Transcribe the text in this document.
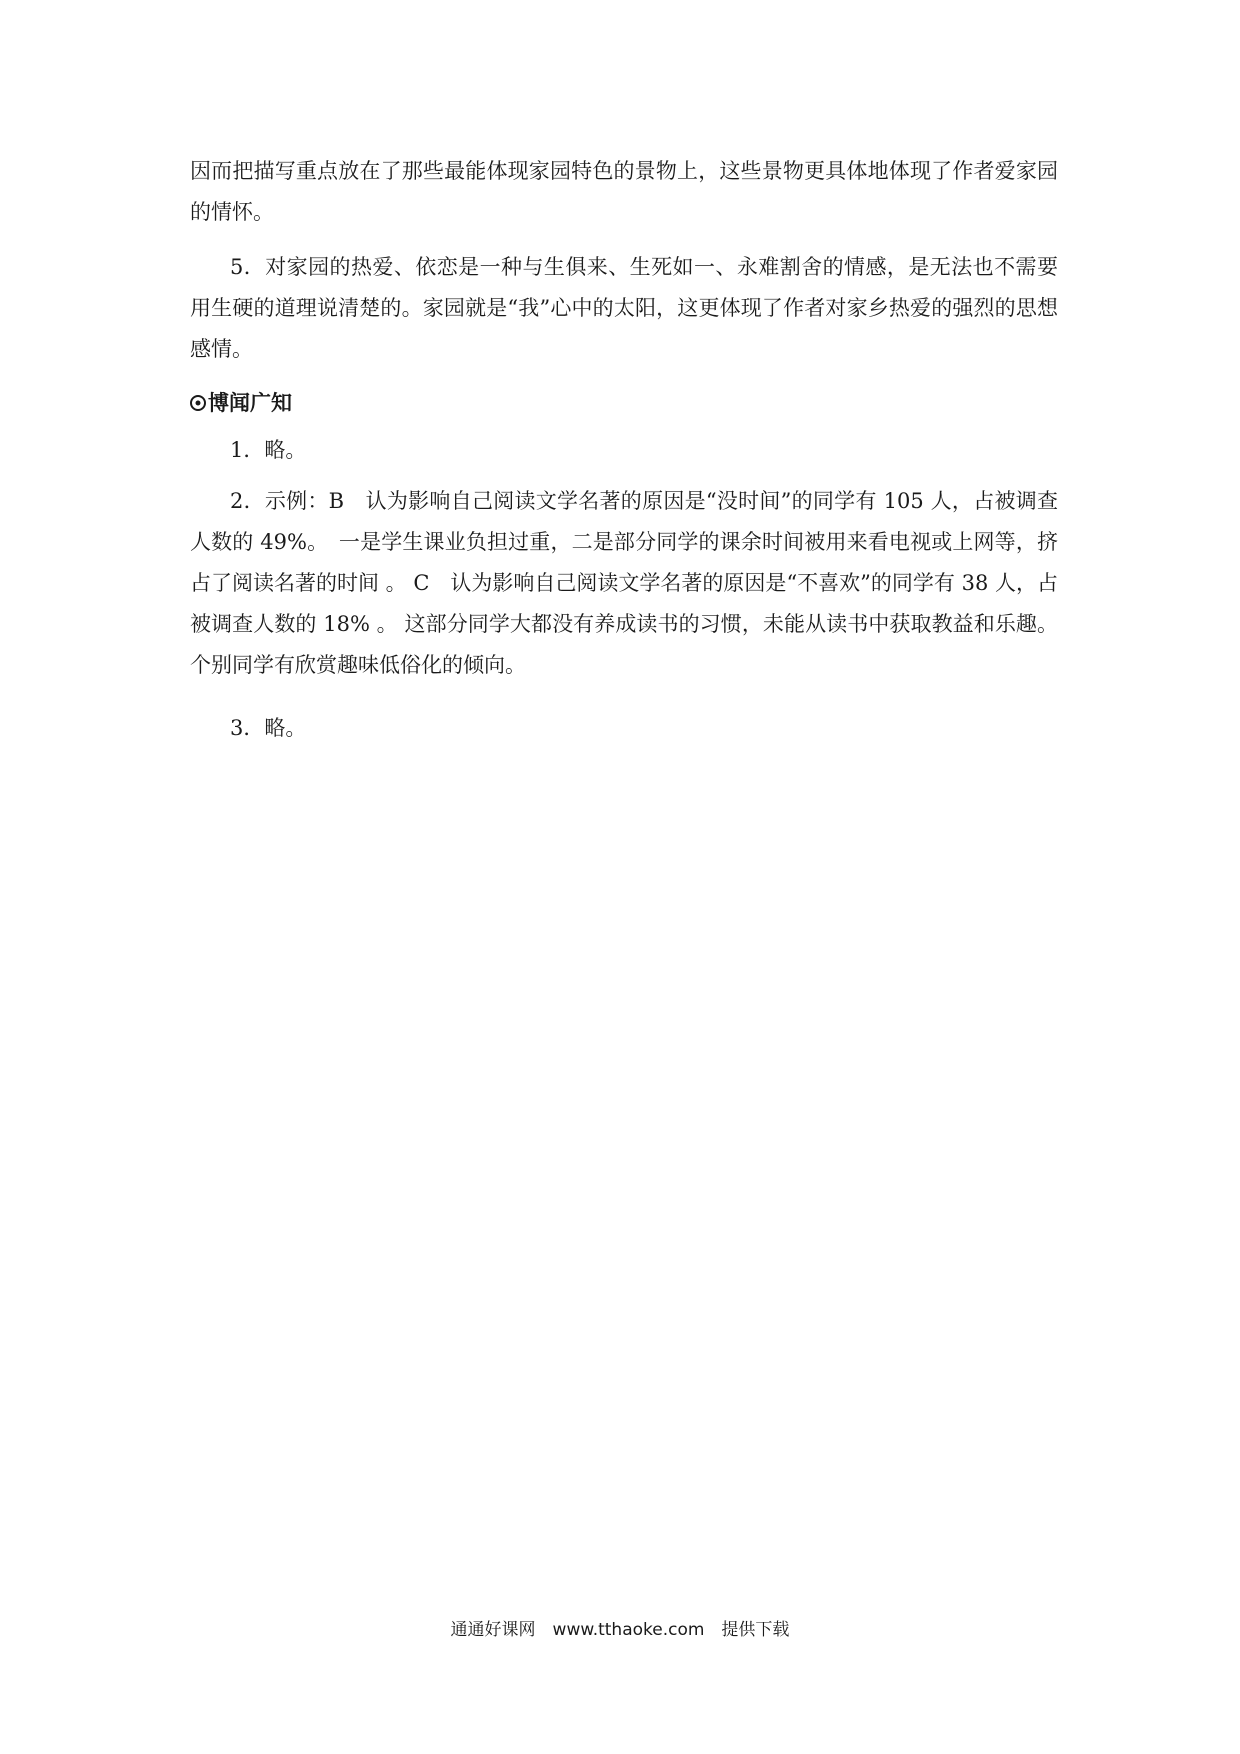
因而把描写重点放在了那些最能体现家园特色的景物上，这些景物更具体地体现了作者爱家园的情怀。

5．对家园的热爱、依恋是一种与生俱来、生死如一、永难割舍的情感，是无法也不需要用生硬的道理说清楚的。家园就是“我”心中的太阳，这更体现了作者对家乡热爱的强烈的思想感情。

博闻广知

1．略。

2．示例：B　认为影响自己阅读文学名著的原因是“没时间”的同学有 105 人，占被调查人数的 49%。　一是学生课业负担过重，二是部分同学的课余时间被用来看电视或上网等，挤占了阅读名著的时间 。 C　认为影响自己阅读文学名著的原因是“不喜欢”的同学有 38 人，占被调查人数的 18% 。 这部分同学大都没有养成读书的习惯，未能从读书中获取教益和乐趣。个别同学有欣赏趣味低俗化的倾向。

3．略。

通通好课网　www.tthaoke.com　提供下载
